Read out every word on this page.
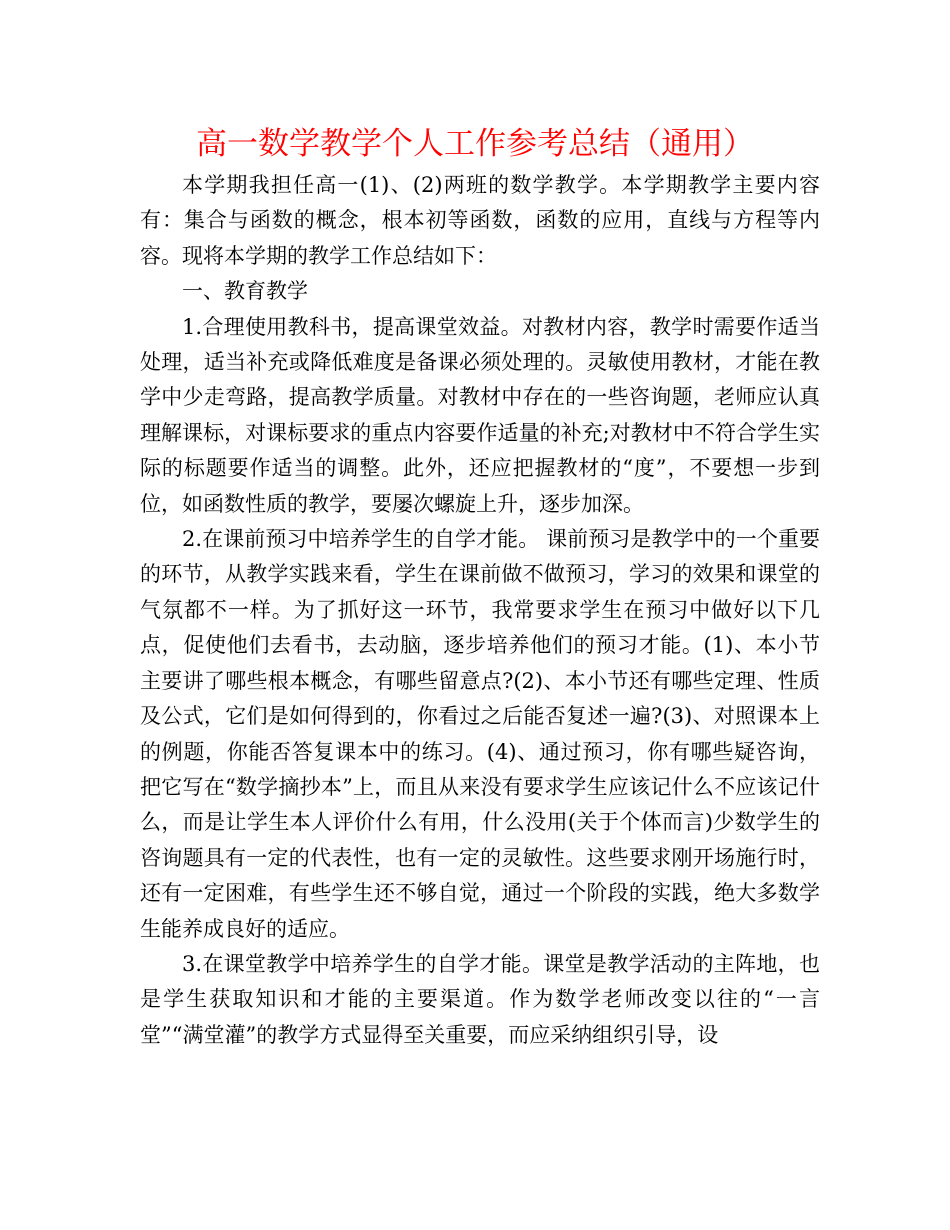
高一数学教学个人工作参考总结（通用）

本学期我担任高一(1)、(2)两班的数学教学。本学期教学主要内容有：集合与函数的概念，根本初等函数，函数的应用，直线与方程等内容。现将本学期的教学工作总结如下：

一、教育教学

1.合理使用教科书，提高课堂效益。对教材内容，教学时需要作适当处理，适当补充或降低难度是备课必须处理的。灵敏使用教材，才能在教学中少走弯路，提高教学质量。对教材中存在的一些咨询题，老师应认真理解课标，对课标要求的重点内容要作适量的补充;对教材中不符合学生实际的标题要作适当的调整。此外，还应把握教材的“度”，不要想一步到位，如函数性质的教学，要屡次螺旋上升，逐步加深。

2.在课前预习中培养学生的自学才能。 课前预习是教学中的一个重要的环节，从教学实践来看，学生在课前做不做预习，学习的效果和课堂的气氛都不一样。为了抓好这一环节，我常要求学生在预习中做好以下几点，促使他们去看书，去动脑，逐步培养他们的预习才能。(1)、本小节主要讲了哪些根本概念，有哪些留意点?(2)、本小节还有哪些定理、性质及公式，它们是如何得到的，你看过之后能否复述一遍?(3)、对照课本上的例题，你能否答复课本中的练习。(4)、通过预习，你有哪些疑咨询，把它写在“数学摘抄本”上，而且从来没有要求学生应该记什么不应该记什么，而是让学生本人评价什么有用，什么没用(关于个体而言)少数学生的咨询题具有一定的代表性，也有一定的灵敏性。这些要求刚开场施行时，还有一定困难，有些学生还不够自觉，通过一个阶段的实践，绝大多数学生能养成良好的适应。

3.在课堂教学中培养学生的自学才能。课堂是教学活动的主阵地，也是学生获取知识和才能的主要渠道。作为数学老师改变以往的“一言堂”“满堂灌”的教学方式显得至关重要，而应采纳组织引导，设
